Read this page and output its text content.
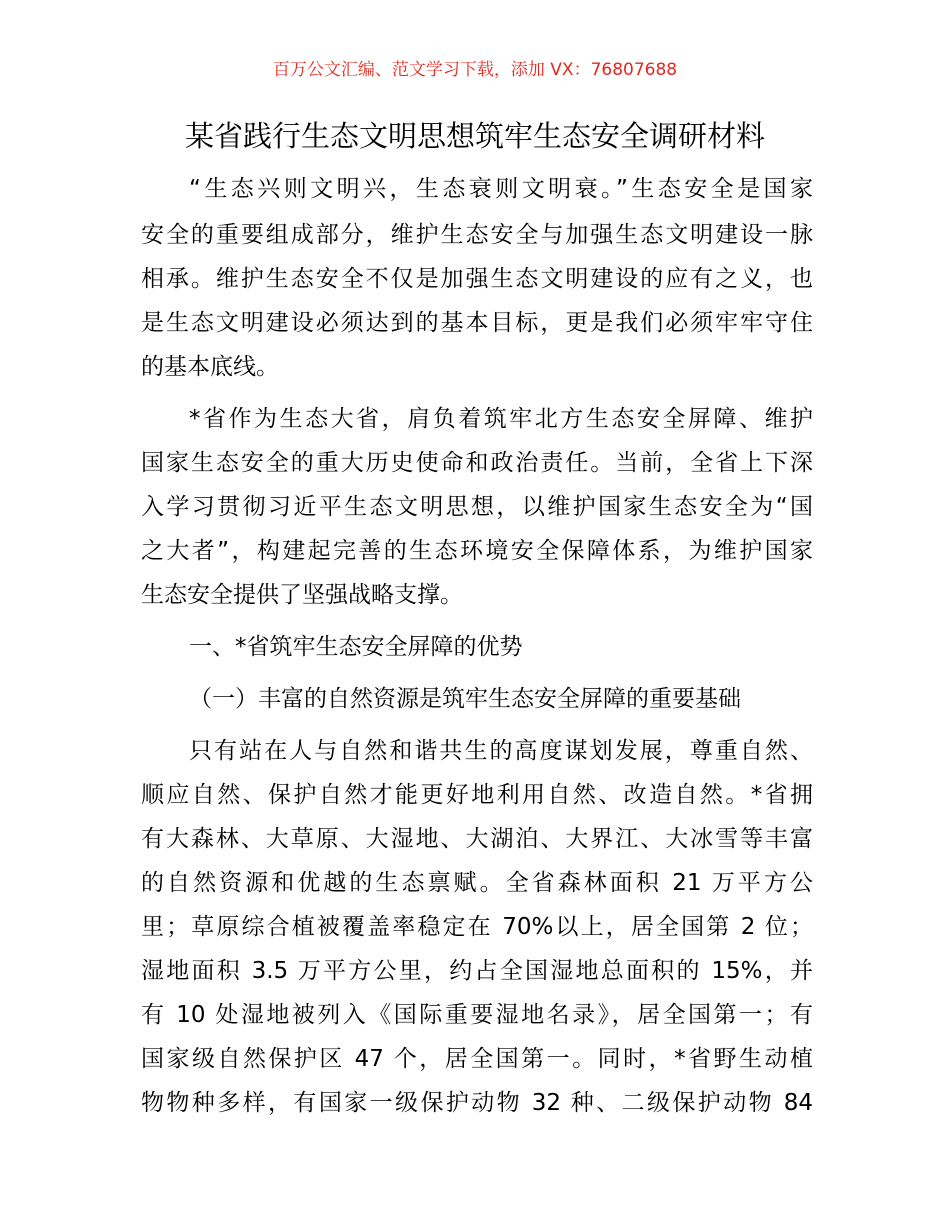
百万公文汇编、范文学习下载，添加 VX：76807688
某省践行生态文明思想筑牢生态安全调研材料
“生态兴则文明兴，生态衰则文明衰。”生态安全是国家
安全的重要组成部分，维护生态安全与加强生态文明建设一脉
相承。维护生态安全不仅是加强生态文明建设的应有之义，也
是生态文明建设必须达到的基本目标，更是我们必须牢牢守住
的基本底线。
*省作为生态大省，肩负着筑牢北方生态安全屏障、维护
国家生态安全的重大历史使命和政治责任。当前，全省上下深
入学习贯彻习近平生态文明思想，以维护国家生态安全为“国
之大者”，构建起完善的生态环境安全保障体系，为维护国家
生态安全提供了坚强战略支撑。
一、*省筑牢生态安全屏障的优势
（一）丰富的自然资源是筑牢生态安全屏障的重要基础
只有站在人与自然和谐共生的高度谋划发展，尊重自然、
顺应自然、保护自然才能更好地利用自然、改造自然。*省拥
有大森林、大草原、大湿地、大湖泊、大界江、大冰雪等丰富
的自然资源和优越的生态禀赋。全省森林面积 21 万平方公
里；草原综合植被覆盖率稳定在 70%以上，居全国第 2 位；
湿地面积 3.5 万平方公里，约占全国湿地总面积的 15%，并
有 10 处湿地被列入《国际重要湿地名录》，居全国第一；有
国家级自然保护区 47 个，居全国第一。同时，*省野生动植
物物种多样，有国家一级保护动物 32 种、二级保护动物 84
